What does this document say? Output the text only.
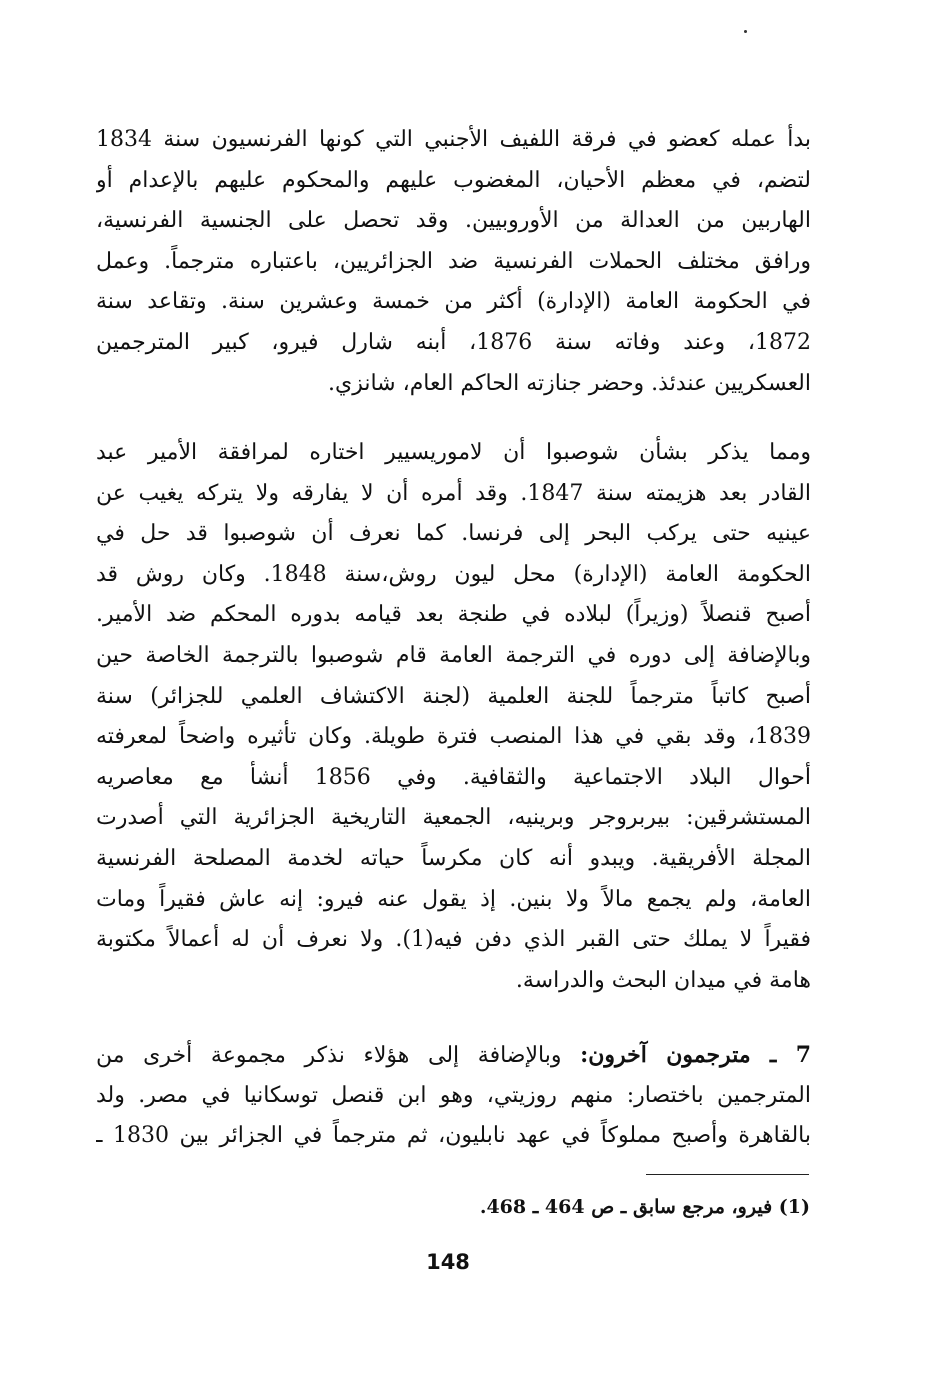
بدأ عمله كعضو في فرقة اللفيف الأجنبي التي كونها الفرنسيون سنة 1834
لتضم، في معظم الأحيان، المغضوب عليهم والمحكوم عليهم بالإعدام أو
الهاربين من العدالة من الأوروبيين. وقد تحصل على الجنسية الفرنسية،
ورافق مختلف الحملات الفرنسية ضد الجزائريين، باعتباره مترجماً. وعمل
في الحكومة العامة (الإدارة) أكثر من خمسة وعشرين سنة. وتقاعد سنة
1872، وعند وفاته سنة 1876، أبنه شارل فيرو، كبير المترجمين
العسكريين عندئذ. وحضر جنازته الحاكم العام، شانزي.
ومما يذكر بشأن شوصبوا أن لاموريسيير اختاره لمرافقة الأمير عبد
القادر بعد هزيمته سنة 1847. وقد أمره أن لا يفارقه ولا يتركه يغيب عن
عينيه حتى يركب البحر إلى فرنسا. كما نعرف أن شوصبوا قد حل في
الحكومة العامة (الإدارة) محل ليون روش،سنة 1848. وكان روش قد
أصبح قنصلاً (وزيراً) لبلاده في طنجة بعد قيامه بدوره المحكم ضد الأمير.
وبالإضافة إلى دوره في الترجمة العامة قام شوصبوا بالترجمة الخاصة حين
أصبح كاتباً مترجماً للجنة العلمية (لجنة الاكتشاف العلمي للجزائر) سنة
1839، وقد بقي في هذا المنصب فترة طويلة. وكان تأثيره واضحاً لمعرفته
أحوال البلاد الاجتماعية والثقافية. وفي 1856 أنشأ مع معاصريه
المستشرقين: بيربروجر وبرينيه، الجمعية التاريخية الجزائرية التي أصدرت
المجلة الأفريقية. ويبدو أنه كان مكرساً حياته لخدمة المصلحة الفرنسية
العامة، ولم يجمع مالاً ولا بنين. إذ يقول عنه فيرو: إنه عاش فقيراً ومات
فقيراً لا يملك حتى القبر الذي دفن فيه(1). ولا نعرف أن له أعمالاً مكتوبة
هامة في ميدان البحث والدراسة.
7 ـ مترجمون آخرون: وبالإضافة إلى هؤلاء نذكر مجموعة أخرى من
المترجمين باختصار: منهم روزيتي، وهو ابن قنصل توسكانيا في مصر. ولد
بالقاهرة وأصبح مملوكاً في عهد نابليون، ثم مترجماً في الجزائر بين 1830 ـ
(1) فيرو، مرجع سابق ـ ص 464 ـ 468.
148
